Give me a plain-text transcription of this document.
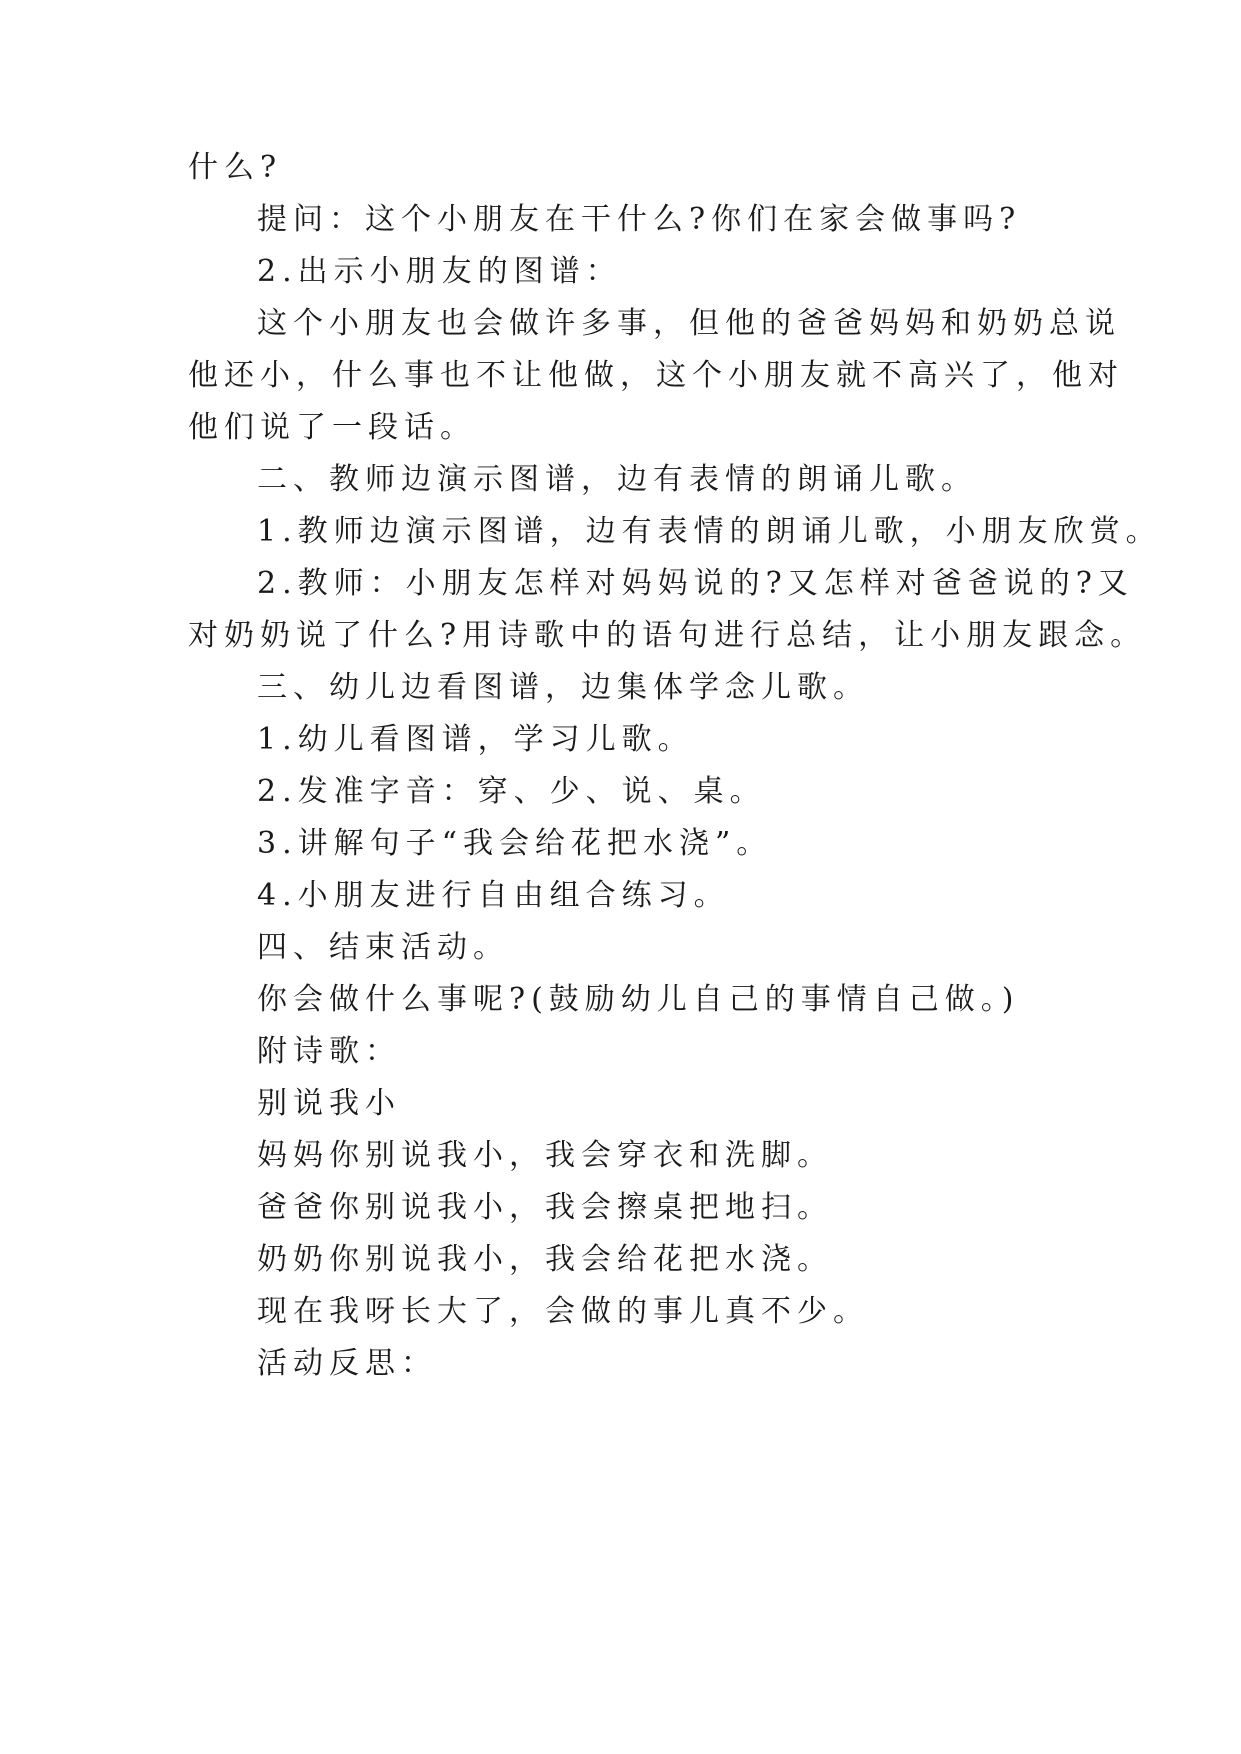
什么?
提问：这个小朋友在干什么?你们在家会做事吗?
2.出示小朋友的图谱：
这个小朋友也会做许多事，但他的爸爸妈妈和奶奶总说
他还小，什么事也不让他做，这个小朋友就不高兴了，他对
他们说了一段话。
二、教师边演示图谱，边有表情的朗诵儿歌。
1.教师边演示图谱，边有表情的朗诵儿歌，小朋友欣赏。
2.教师：小朋友怎样对妈妈说的?又怎样对爸爸说的?又
对奶奶说了什么?用诗歌中的语句进行总结，让小朋友跟念。
三、幼儿边看图谱，边集体学念儿歌。
1.幼儿看图谱，学习儿歌。
2.发准字音：穿、少、说、桌。
3.讲解句子“我会给花把水浇”。
4.小朋友进行自由组合练习。
四、结束活动。
你会做什么事呢?(鼓励幼儿自己的事情自己做。)
附诗歌：
别说我小
妈妈你别说我小，我会穿衣和洗脚。
爸爸你别说我小，我会擦桌把地扫。
奶奶你别说我小，我会给花把水浇。
现在我呀长大了，会做的事儿真不少。
活动反思：
